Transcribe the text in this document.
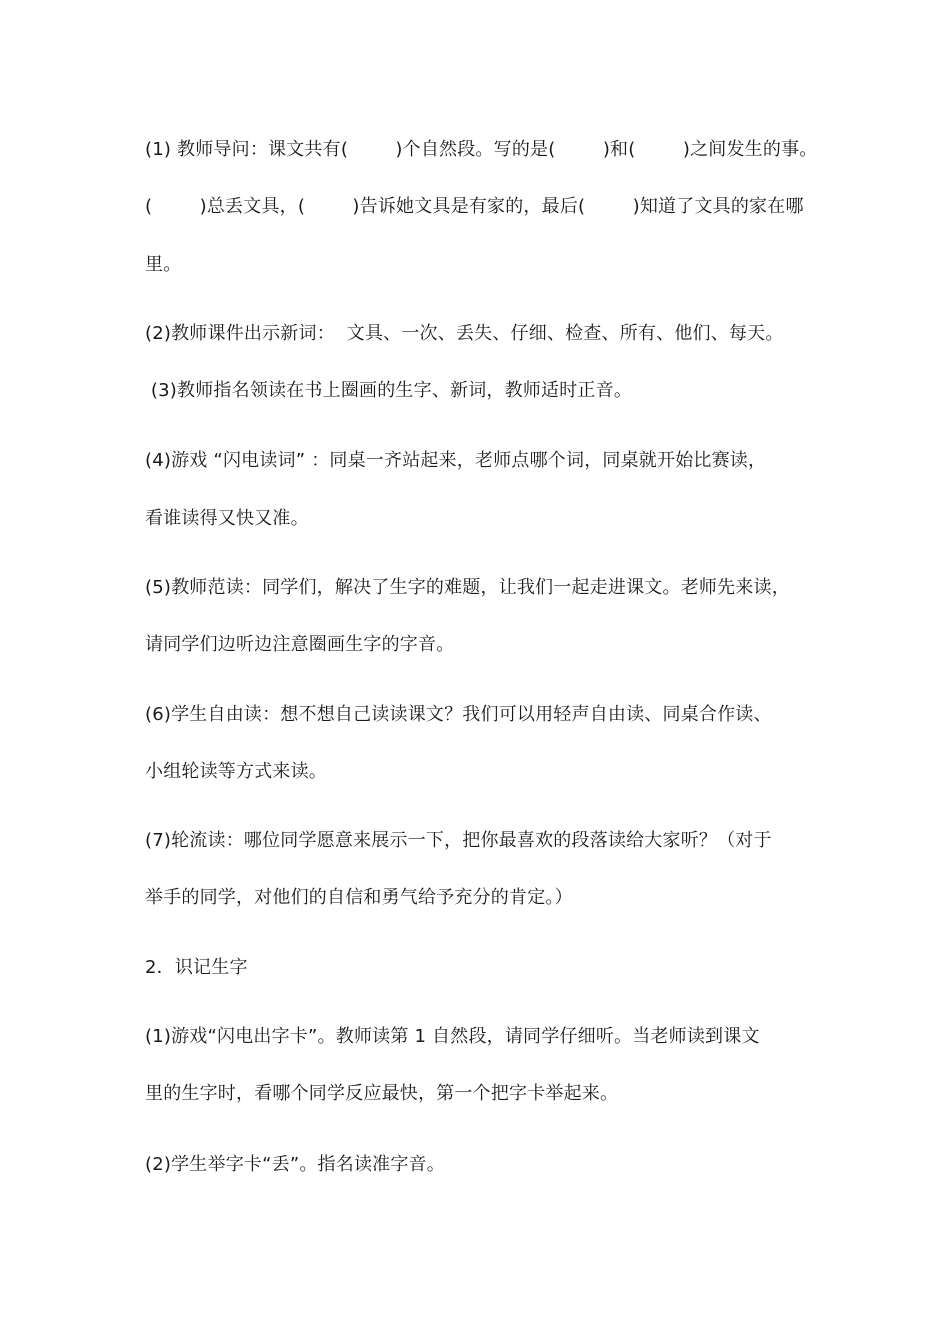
(1) 教师导问：课文共有(        )个自然段。写的是(        )和(        )之间发生的事。
(        )总丢文具，(        )告诉她文具是有家的，最后(        )知道了文具的家在哪
里。
(2)教师课件出示新词：  文具、一次、丢失、仔细、检查、所有、他们、每天。
(3)教师指名领读在书上圈画的生字、新词，教师适时正音。
(4)游戏 “闪电读词” ：同桌一齐站起来，老师点哪个词，同桌就开始比赛读，
看谁读得又快又准。
(5)教师范读：同学们，解决了生字的难题，让我们一起走进课文。老师先来读，
请同学们边听边注意圈画生字的字音。
(6)学生自由读：想不想自己读读课文？我们可以用轻声自由读、同桌合作读、
小组轮读等方式来读。
(7)轮流读：哪位同学愿意来展示一下，把你最喜欢的段落读给大家听？（对于
举手的同学，对他们的自信和勇气给予充分的肯定。）
2．识记生字
(1)游戏“闪电出字卡”。教师读第 1 自然段，请同学仔细听。当老师读到课文
里的生字时，看哪个同学反应最快，第一个把字卡举起来。
(2)学生举字卡“丢”。指名读准字音。
